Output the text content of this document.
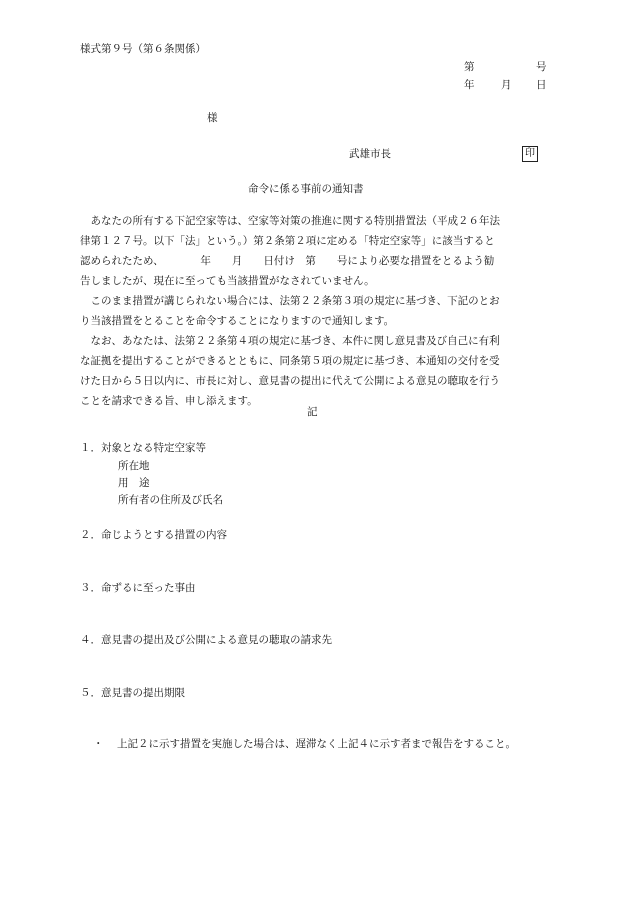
様式第９号（第６条関係）
第	号
年	月 日
様
武雄市長	印
命令に係る事前の通知書

　あなたの所有する下記空家等は、空家等対策の推進に関する特別措置法（平成２６年法

律第１２７号。以下「法」という。）第２条第２項に定める「特定空家等」に該当すると

認められたため、　　　　年　　月　　日付け　第　　号により必要な措置をとるよう勧

告しましたが、現在に至っても当該措置がなされていません。

　このまま措置が講じられない場合には、法第２２条第３項の規定に基づき、下記のとお

り当該措置をとることを命令することになりますので通知します。

　なお、あなたは、法第２２条第４項の規定に基づき、本件に関し意見書及び自己に有利

な証拠を提出することができるとともに、同条第５項の規定に基づき、本通知の交付を受

けた日から５日以内に、市長に対し、意見書の提出に代えて公開による意見の聴取を行う

ことを請求できる旨、申し添えます。

記
１．対象となる特定空家等
所在地
用　途
所有者の住所及び氏名
２．命じようとする措置の内容
３．命ずるに至った事由
４．意見書の提出及び公開による意見の聴取の請求先
５．意見書の提出期限
・ 上記２に示す措置を実施した場合は、遅滞なく上記４に示す者まで報告をすること。
